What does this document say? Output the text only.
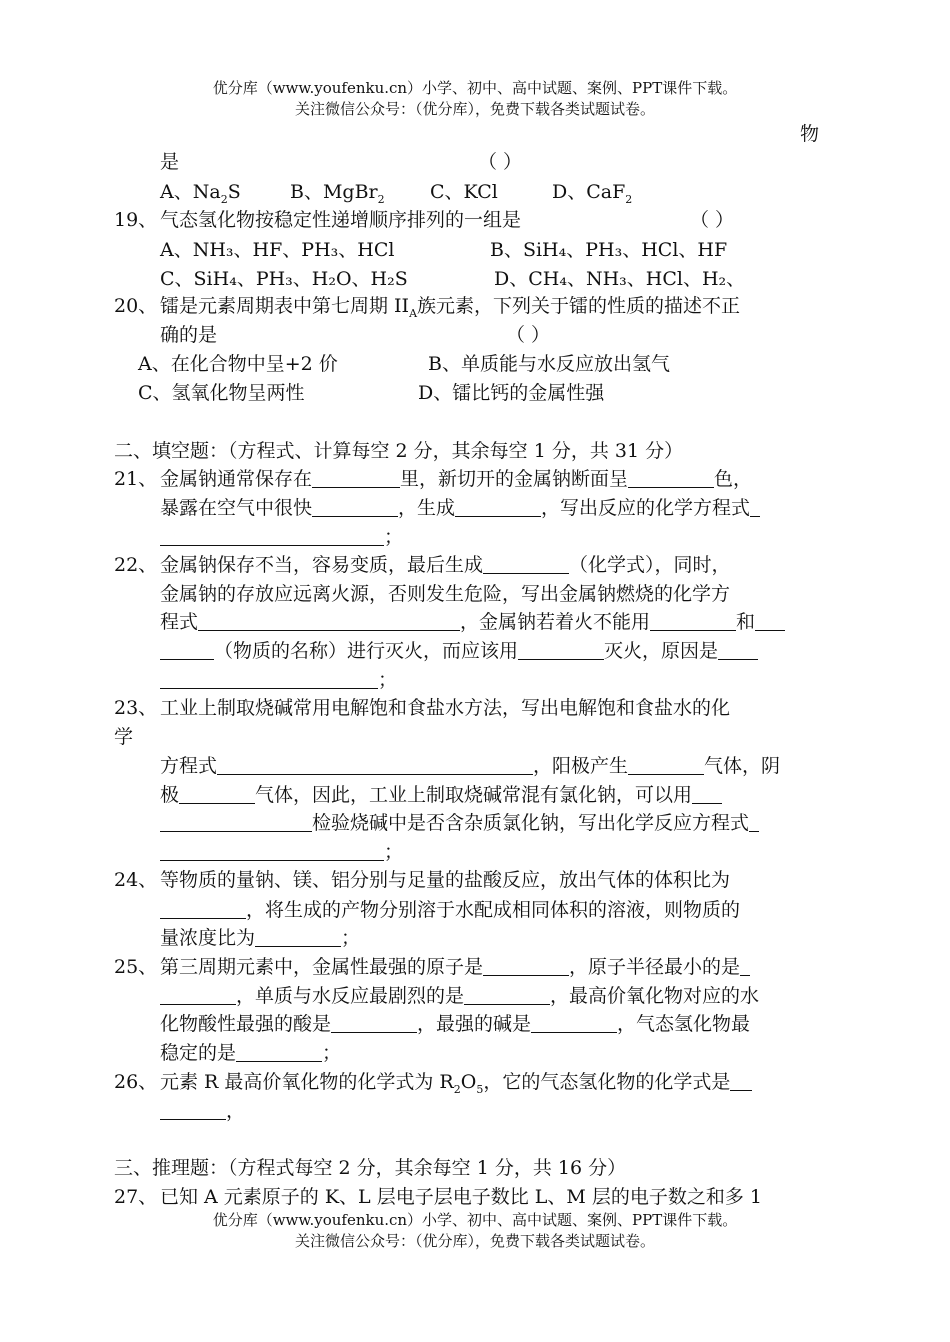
优分库（www.youfenku.cn）小学、初中、高中试题、案例、PPT课件下载。
关注微信公众号：（优分库），免费下载各类试题试卷。
物
是	（ ）
A、$Na_2S$	B、MgBr$_2$ C、KCl	D、CaF$_2$
19、 气态氢化物按稳定性递增顺序排列的一组是	（ ）
A、NH₃、HF、PH₃、HCl	B、SiH₄、PH₃、HCl、HF
C、SiH₄、PH₃、H₂O、H₂S	D、CH₄、NH₃、HCl、H₂、
20、 镭是元素周期表中第七周期 $II_A$族元素，下列关于镭的性质的描述不正
确的是	（ ）
A、在化合物中呈+2 价	B、单质能与水反应放出氢气
C、氢氧化物呈两性	D、镭比钙的金属性强
二、填空题：（方程式、计算每空 2 分，其余每空 1 分，共 31 分）
21、 金属钠通常保存在	里，新切开的金属钠断面呈	色，
暴露在空气中很快	，生成	，写出反应的化学方程式
；
22、 金属钠保存不当，容易变质，最后生成	（化学式），同时，
金属钠的存放应远离火源，否则发生危险，写出金属钠燃烧的化学方
程式	，金属钠若着火不能用	和
（物质的名称）进行灭火，而应该用	灭火，原因是
；
23、 工业上制取烧碱常用电解饱和食盐水方法，写出电解饱和食盐水的化
学
方程式	，阳极产生	气体，阴
极	气体，因此，工业上制取烧碱常混有氯化钠，可以用
检验烧碱中是否含杂质氯化钠，写出化学反应方程式
；
24、 等物质的量钠、镁、铝分别与足量的盐酸反应，放出气体的体积比为
，将生成的产物分别溶于水配成相同体积的溶液，则物质的
量浓度比为	；
25、 第三周期元素中，金属性最强的原子是	，原子半径最小的是
，单质与水反应最剧烈的是	，最高价氧化物对应的水
化物酸性最强的酸是	，最强的碱是	，气态氢化物最
稳定的是	；
26、 元素 R 最高价氧化物的化学式为 $R_2O_5$，它的气态氢化物的化学式是
，
三、推理题：（方程式每空 2 分，其余每空 1 分，共 16 分）
27、 已知 A 元素原子的 K、L 层电子层电子数比 L、M 层的电子数之和多 1
优分库（www.youfenku.cn）小学、初中、高中试题、案例、PPT课件下载。
关注微信公众号：（优分库），免费下载各类试题试卷。
